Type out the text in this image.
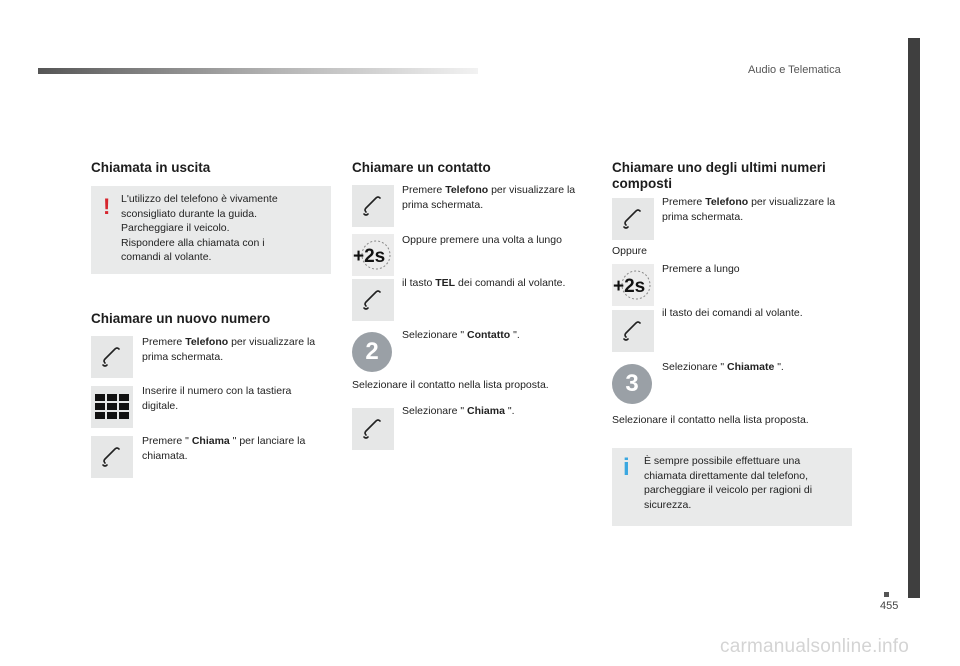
Audio e Telematica
455
carmanualsonline.info
Chiamata in uscita
! L'utilizzo del telefono è vivamente
sconsigliato durante la guida.
Parcheggiare il veicolo.
Rispondere alla chiamata con i
comandi al volante.
Chiamare un nuovo numero
Premere Telefono per visualizzare la
prima schermata.
Inserire il numero con la tastiera
digitale.
Premere " Chiama " per lanciare la
chiamata.
Chiamare un contatto
Premere Telefono per visualizzare la
prima schermata.
+2s
Oppure premere una volta a lungo
il tasto TEL dei comandi al volante.
2
Selezionare " Contatto ".
Selezionare il contatto nella lista proposta.
Selezionare " Chiama ".
Chiamare uno degli ultimi numeri
composti
Premere Telefono per visualizzare la
prima schermata.
Oppure
+2s
Premere a lungo
il tasto dei comandi al volante.
3
Selezionare " Chiamate ".
Selezionare il contatto nella lista proposta.
i È sempre possibile effettuare una
chiamata direttamente dal telefono,
parcheggiare il veicolo per ragioni di
sicurezza.
